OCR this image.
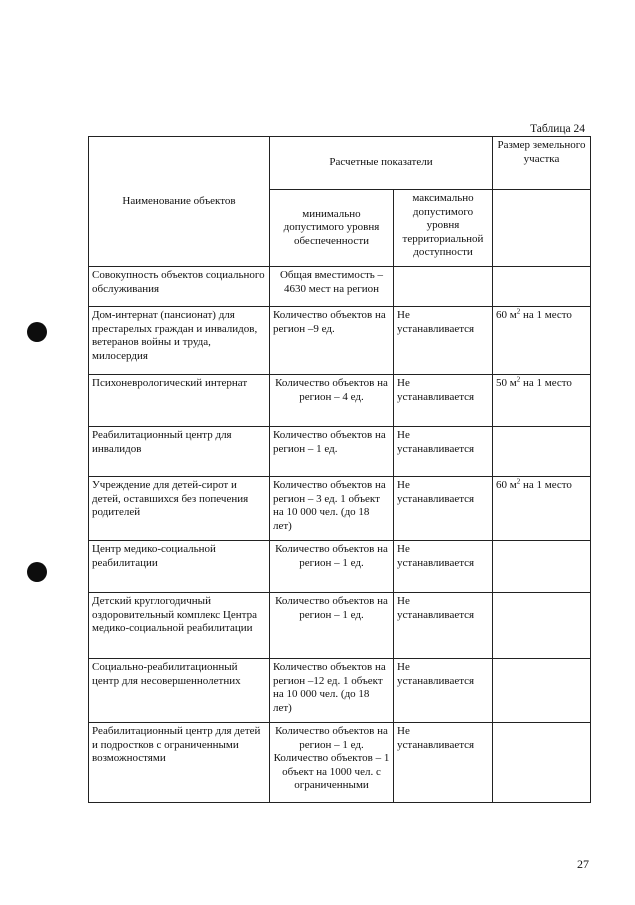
Таблица 24
Наименование объектов	Расчетные показатели		Размер земельного участка
	минимально допустимого уровня обеспеченности	максимально допустимого уровня территориальной доступности	
Совокупность объектов социального обслуживания	Общая вместимость – 4630 мест на регион		
Дом-интернат (пансионат) для престарелых граждан и инвалидов, ветеранов войны и труда, милосердия	Количество объектов на регион –9 ед.	Не устанавливается	60 $м^2$ на 1 место
Психоневрологический интернат	Количество объектов на регион – 4 ед.	Не устанавливается	50 $м^2$ на 1 место
Реабилитационный центр для инвалидов	Количество объектов на регион – 1 ед.	Не устанавливается	
Учреждение для детей-сирот и детей, оставшихся без попечения родителей	Количество объектов на регион – 3 ед. 1 объект на 10 000 чел. (до 18 лет)	Не устанавливается	60 $м^2$ на 1 место
Центр медико-социальной реабилитации	Количество объектов на регион – 1 ед.	Не устанавливается	
Детский круглогодичный оздоровительный комплекс Центра медико-социальной реабилитации	Количество объектов на регион – 1 ед.	Не устанавливается	
Социально-реабилитационный центр для несовершеннолетних	Количество объектов на регион –12 ед. 1 объект на 10 000 чел. (до 18 лет)	Не устанавливается	
Реабилитационный центр для детей и подростков с ограниченными возможностями	Количество объектов на регион – 1 ед. Количество объектов – 1 объект на 1000 чел. с ограниченными	Не устанавливается	
27
